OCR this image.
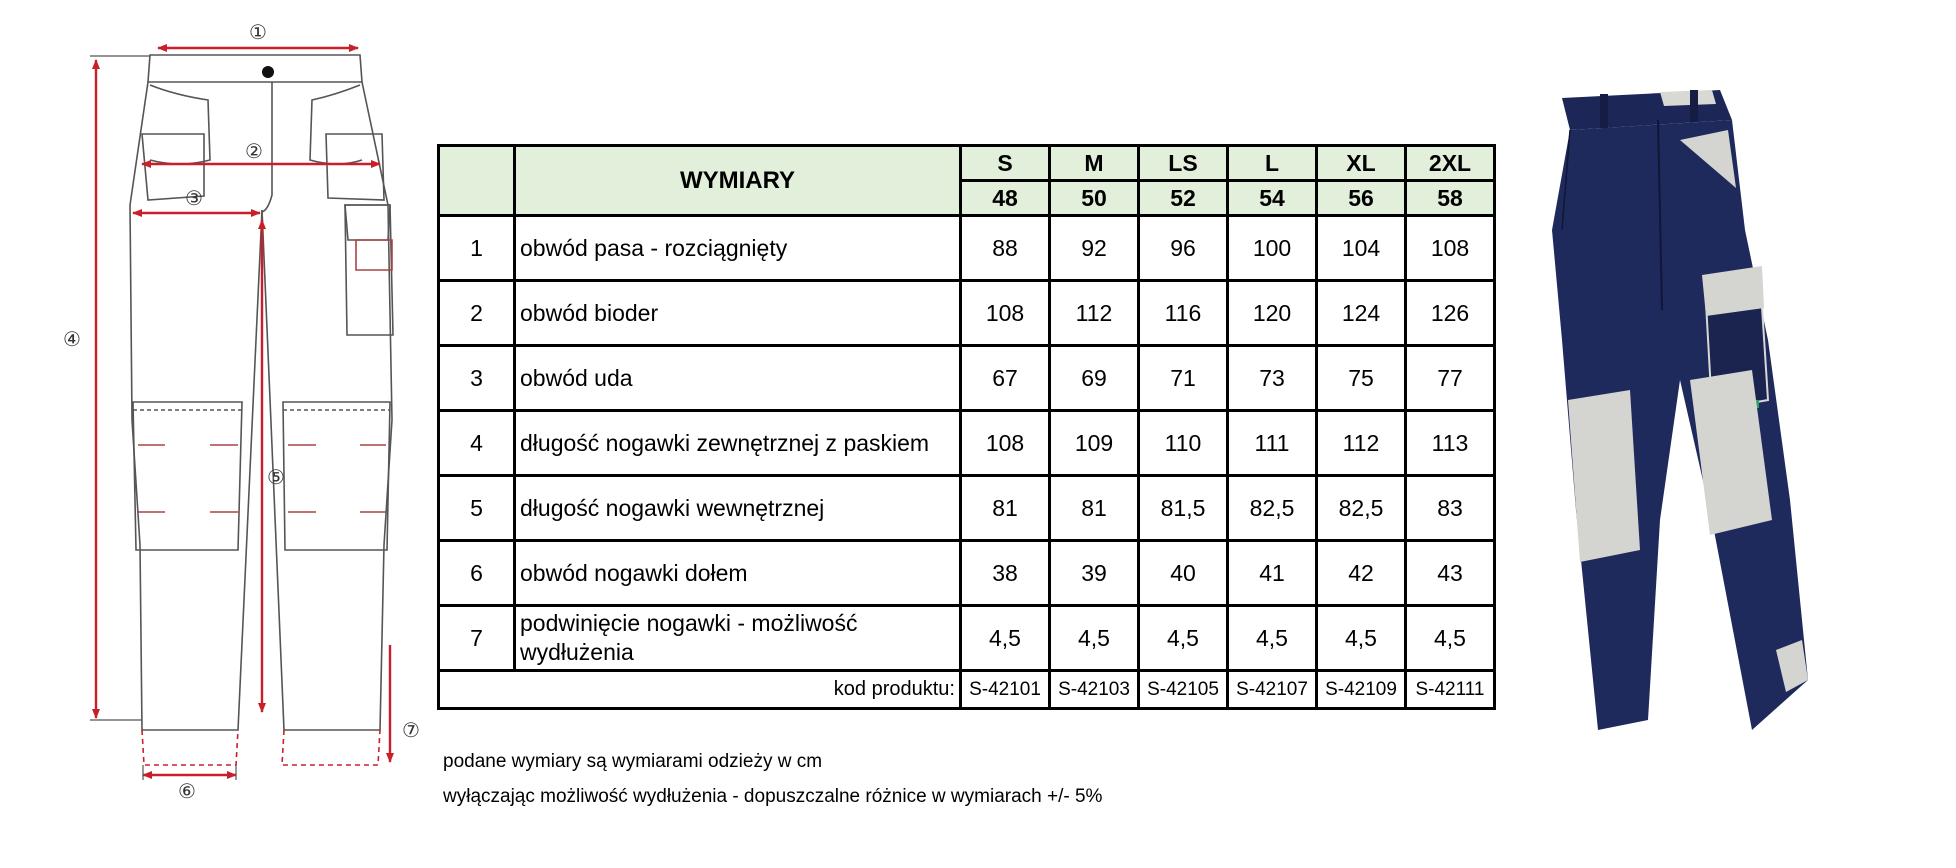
①
②
③
④
⑤
⑥
⑦
	WYMIARY	S	M	LS	L	XL	2XL
		48	50	52	54	56	58
1	obwód pasa - rozciągnięty	88	92	96	100	104	108
2	obwód bioder	108	112	116	120	124	126
3	obwód uda	67	69	71	73	75	77
4	długość nogawki zewnętrznej z paskiem	108	109	110	111	112	113
5	długość nogawki wewnętrznej	81	81	81,5	82,5	82,5	83
6	obwód nogawki dołem	38	39	40	41	42	43
7	podwinięcie nogawki - możliwość wydłużenia	4,5	4,5	4,5	4,5	4,5	4,5
kod produktu:		S-42101	S-42103	S-42105	S-42107	S-42109	S-42111
podane wymiary są wymiarami odzieży w cm
wyłączając możliwość wydłużenia - dopuszczalne różnice w wymiarach +/- 5%
